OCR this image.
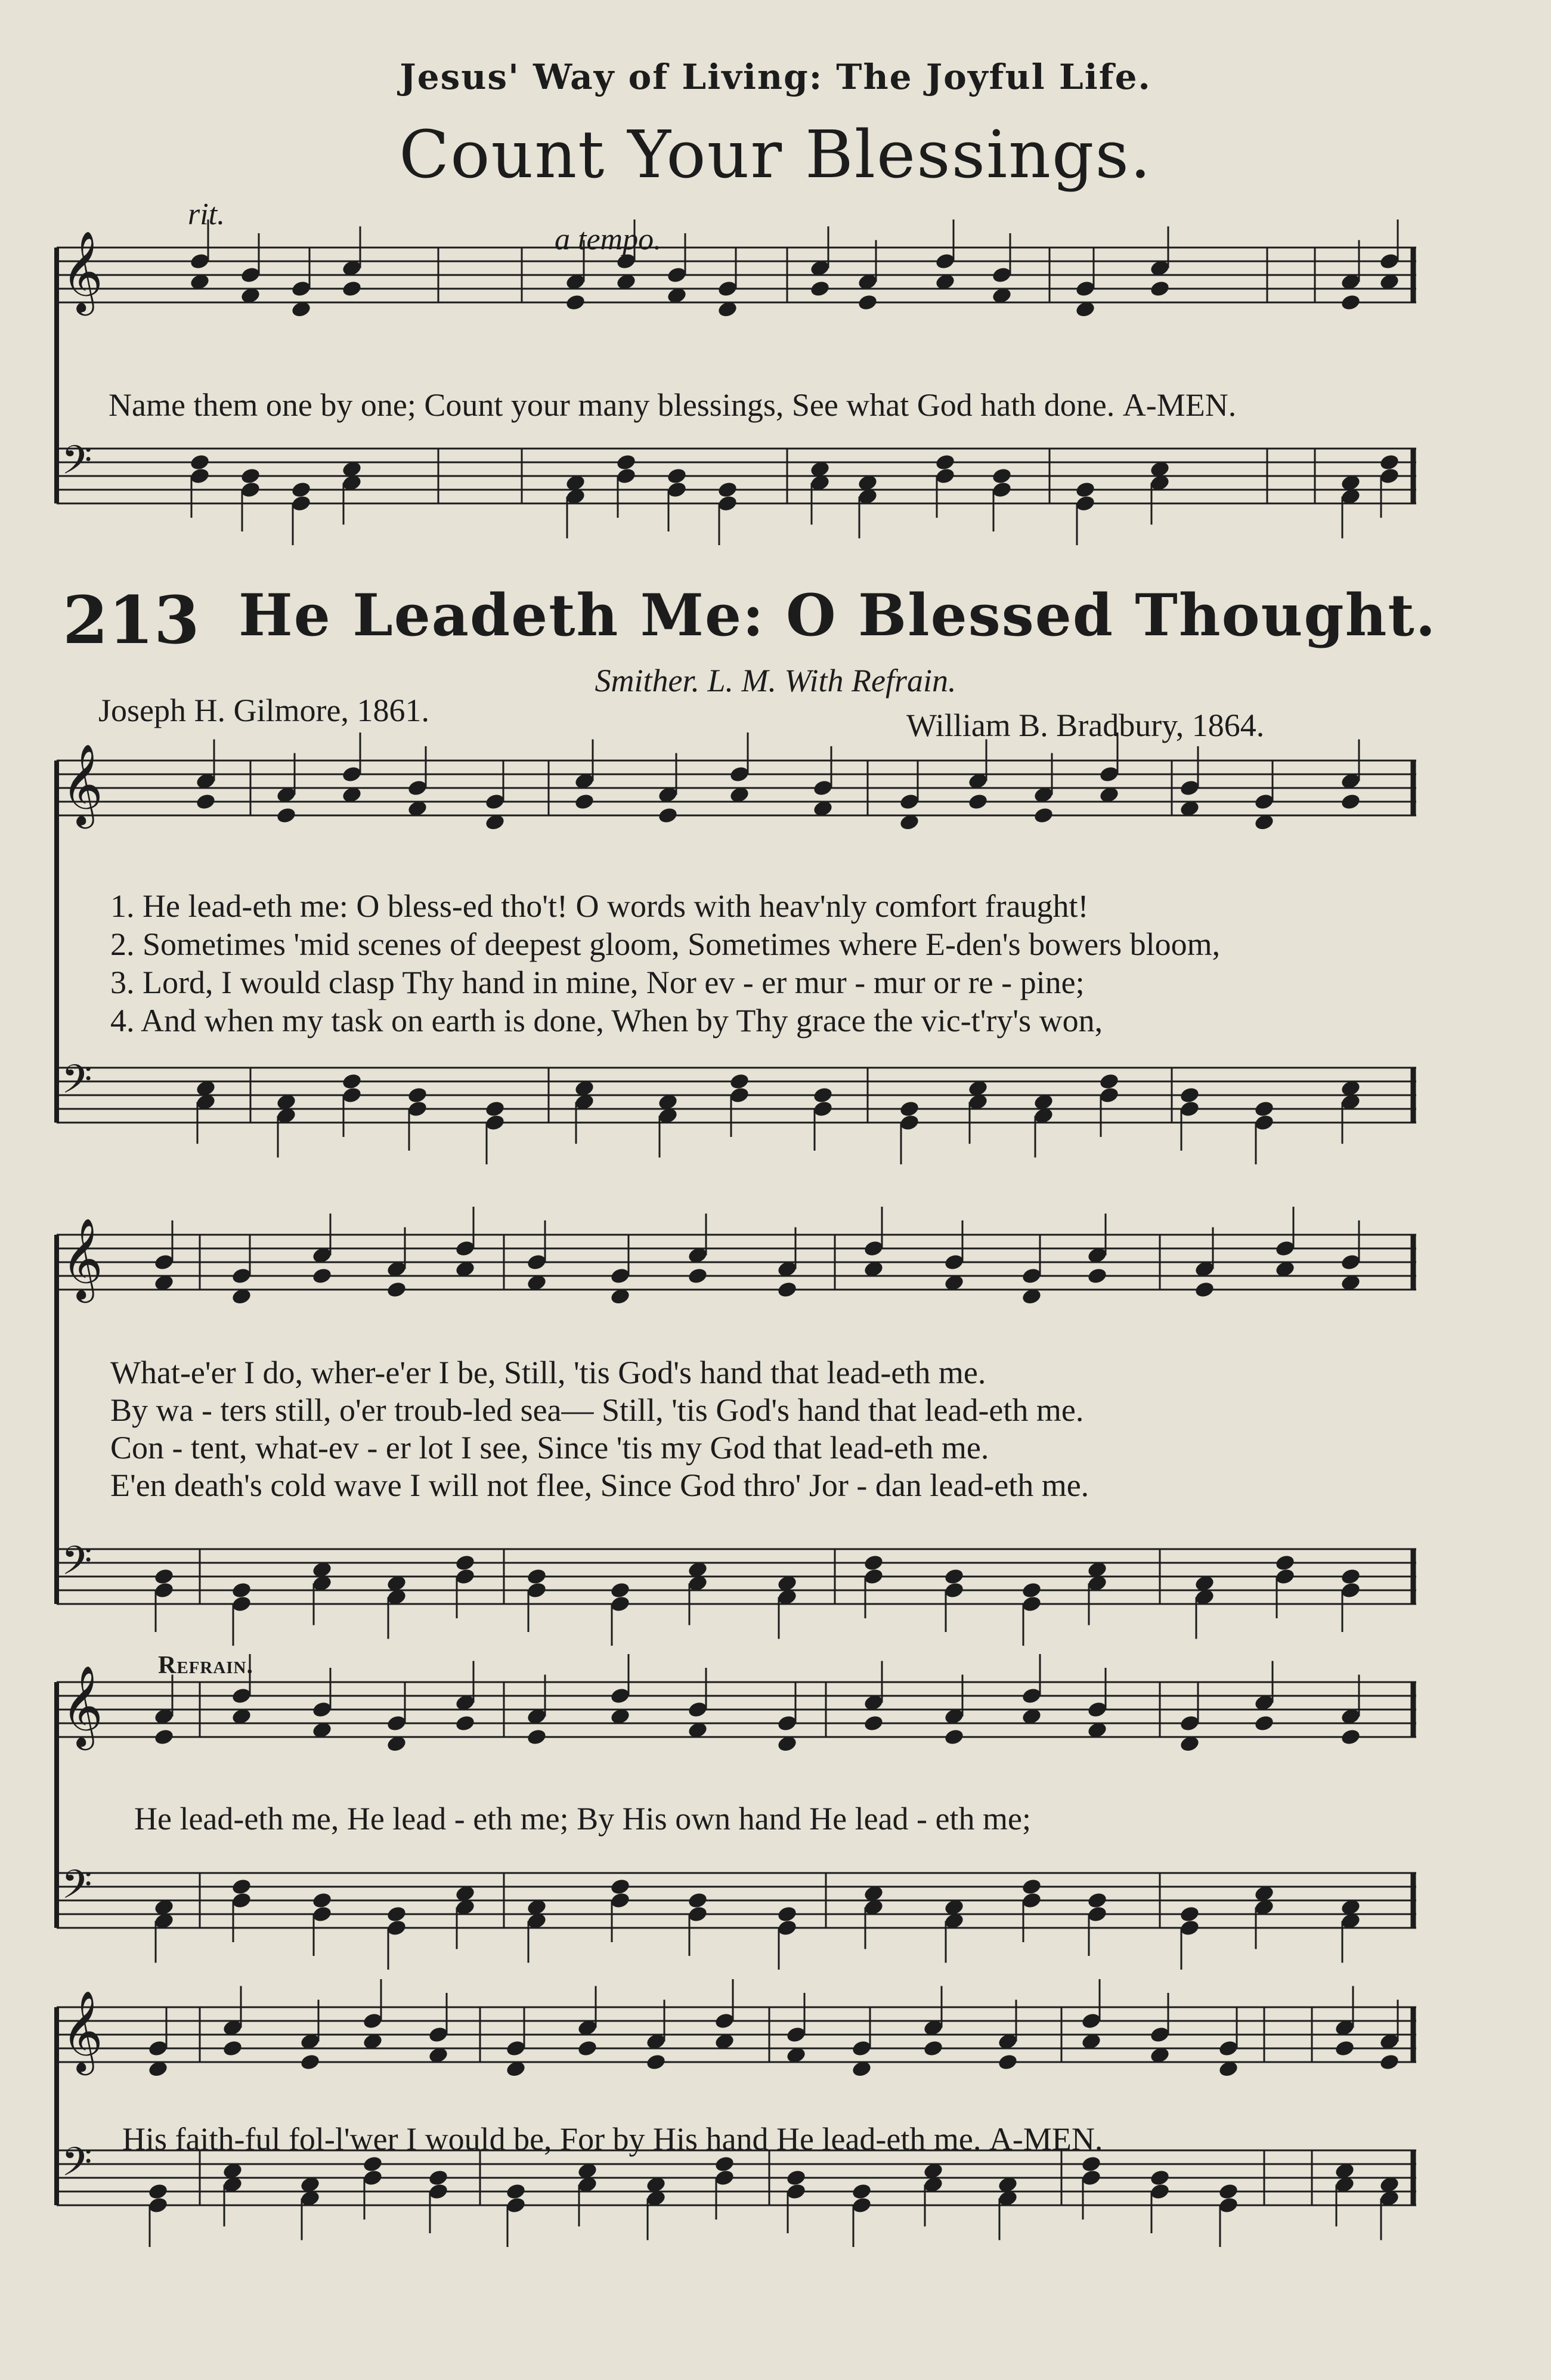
Jesus' Way of Living: The Joyful Life.
Count Your Blessings.
rit.
a tempo.
Name them one by one; Count your many blessings, See what God hath done. A-MEN.
213 He Leadeth Me: O Blessed Thought.
Smither. L. M. With Refrain.
Joseph H. Gilmore, 1861.	William B. Bradbury, 1864.
1. He lead-eth me: O bless-ed tho't! O words with heav'nly comfort fraught!
2. Sometimes 'mid scenes of deepest gloom, Sometimes where E-den's bowers bloom,
3. Lord, I would clasp Thy hand in mine, Nor ev - er mur - mur or re - pine;
4. And when my task on earth is done, When by Thy grace the vic-t'ry's won,
What-e'er I do, wher-e'er I be, Still, 'tis God's hand that lead-eth me.
By wa - ters still, o'er troub-led sea— Still, 'tis God's hand that lead-eth me.
Con - tent, what-ev - er lot I see, Since 'tis my God that lead-eth me.
E'en death's cold wave I will not flee, Since God thro' Jor - dan lead-eth me.
Refrain.
He lead-eth me, He lead - eth me; By His own hand He lead - eth me;
His faith-ful fol-l'wer I would be, For by His hand He lead-eth me. A-MEN.
𝄞
𝄢
𝄞
𝄢
𝄞
𝄢
𝄞
𝄢
𝄞
𝄢
